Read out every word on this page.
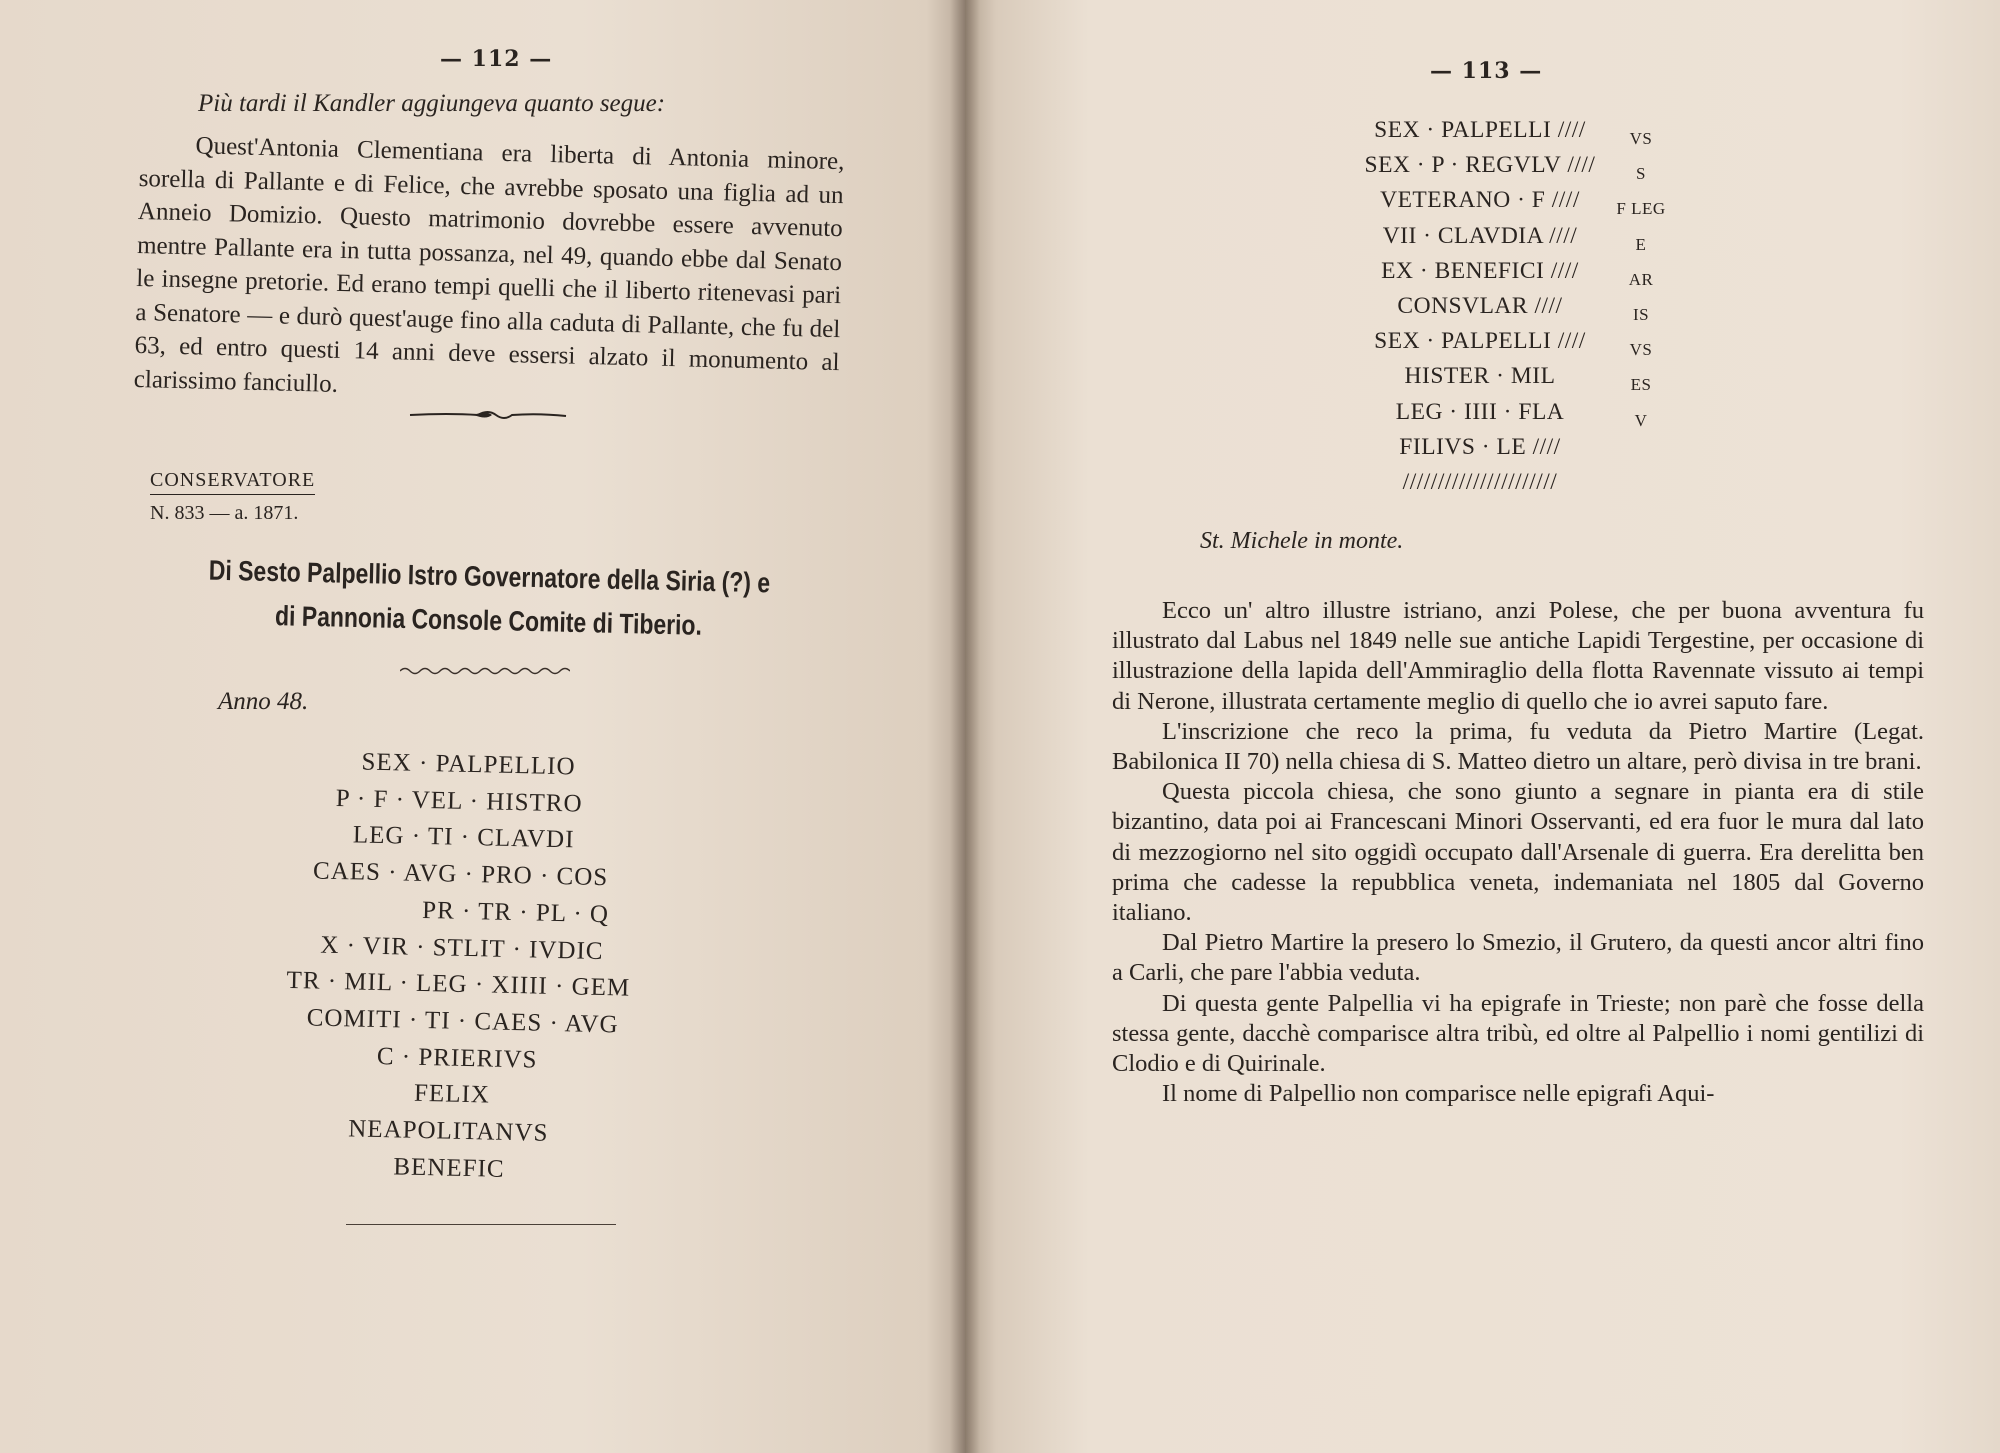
— 112 —
Più tardi il Kandler aggiungeva quanto segue:

Quest'Antonia Clementiana era liberta di Antonia minore, sorella di Pallante e di Felice, che avrebbe sposato una figlia ad un Anneio Domizio. Questo matrimonio dovrebbe essere avvenuto mentre Pallante era in tutta possanza, nel 49, quando ebbe dal Senato le insegne pretorie. Ed erano tempi quelli che il liberto ritenevasi pari a Senatore — e durò quest'auge fino alla caduta di Pallante, che fu del 63, ed entro questi 14 anni deve essersi alzato il monumento al clarissimo fanciullo.

CONSERVATORE
N. 833 — a. 1871.
Di Sesto Palpellio Istro Governatore della Siria (?) e di Pannonia Console Comite di Tiberio.
Anno 48.
SEX · PALPELLIO
P · F · VEL · HISTRO
LEG · TI · CLAVDI
CAES · AVG · PRO · COS
PR · TR · PL · Q
X · VIR · STLIT · IVDIC
TR · MIL · LEG · XIIII · GEM
COMITI · TI · CAES · AVG
C · PRIERIVS
FELIX
NEAPOLITANVS
BENEFIC
— 113 —
SEX · PALPELLI ////
SEX · P · REGVLV ////
VETERANO · F ////
VII · CLAVDIA ////
EX · BENEFICI ////
CONSVLAR ////
SEX · PALPELLI ////
HISTER · MIL
LEG · IIII · FLA
FILIVS · LE ////
//////////////////////
VS
S
F LEG
E
AR
IS
VS
ES
V
St. Michele in monte.

Ecco un' altro illustre istriano, anzi Polese, che per buona avventura fu illustrato dal Labus nel 1849 nelle sue antiche Lapidi Tergestine, per occasione di illustrazione della lapida dell'Ammiraglio della flotta Ravennate vissuto ai tempi di Nerone, illustrata certamente meglio di quello che io avrei saputo fare.

L'inscrizione che reco la prima, fu veduta da Pietro Martire (Legat. Babilonica II 70) nella chiesa di S. Matteo dietro un altare, però divisa in tre brani.

Questa piccola chiesa, che sono giunto a segnare in pianta era di stile bizantino, data poi ai Francescani Minori Osservanti, ed era fuor le mura dal lato di mezzogiorno nel sito oggidì occupato dall'Arsenale di guerra. Era derelitta ben prima che cadesse la repubblica veneta, indemaniata nel 1805 dal Governo italiano.

Dal Pietro Martire la presero lo Smezio, il Grutero, da questi ancor altri fino a Carli, che pare l'abbia veduta.

Di questa gente Palpellia vi ha epigrafe in Trieste; non parè che fosse della stessa gente, dacchè comparisce altra tribù, ed oltre al Palpellio i nomi gentilizi di Clodio e di Quirinale.

Il nome di Palpellio non comparisce nelle epigrafi Aqui-
